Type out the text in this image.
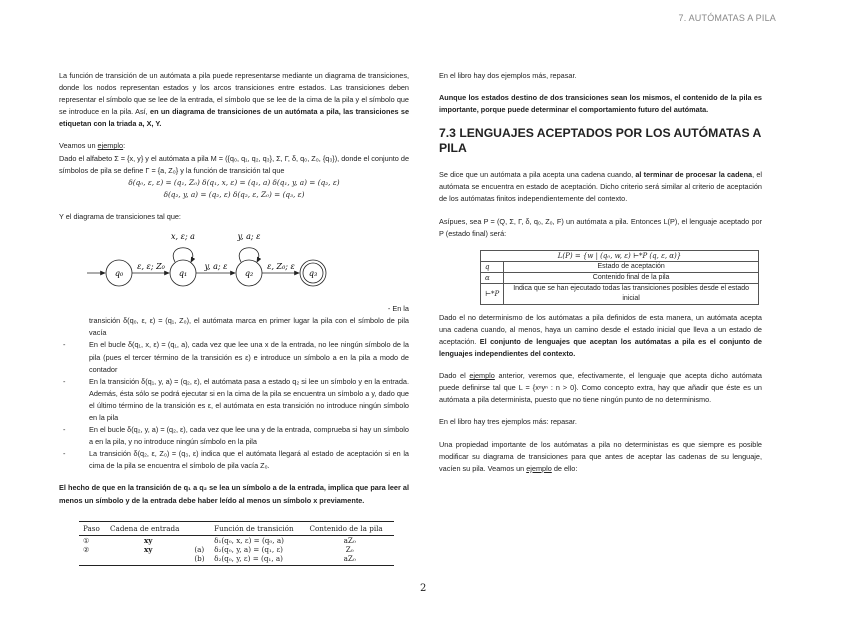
7. AUTÓMATAS A PILA

La función de transición de un autómata a pila puede representarse mediante un diagrama de transiciones, donde los nodos representan estados y los arcos transiciones entre estados. Las transiciones deben representar el símbolo que se lee de la entrada, el símbolo que se lee de la cima de la pila y el símbolo que se introduce en la pila. Así, en un diagrama de transiciones de un autómata a pila, las transiciones se etiquetan con la triada a, X, Y.

Veamos un ejemplo:
Dado el alfabeto Σ = {x, y} y el autómata a pila M = ({q₀, q₁, q₂, q₃}, Σ, Γ, δ, q₀, Z₀, {q₃}), donde el conjunto de símbolos de pila se define Γ = {a, Z₀} y la función de transición tal que
δ(q₀, ε, ε) = (q₁, Z₀) δ(q₁, x, ε) = (q₁, a) δ(q₁, y, a) = (q₂, ε)
δ(q₂, y, a) = (q₂, ε) δ(q₂, ε, Z₀) = (q₃, ε)
Y el diagrama de transiciones tal que:
q₀	q₁	q₂	q₃
x, ε; a	y, a; ε
ε, ε; Z₀	y, a; ε	ε, Z₀; ε
- En la
transición δ(q₀, ε, ε) = (q₁, Z₀), el autómata marca en primer lugar la pila con el símbolo de pila vacía
- En el bucle δ(q₁, x, ε) = (q₁, a), cada vez que lee una x de la entrada, no lee ningún símbolo de la pila (pues el tercer término de la transición es ε) e introduce un símbolo a en la pila a modo de contador
- En la transición δ(q₁, y, a) = (q₂, ε), el autómata pasa a estado q₂ si lee un símbolo y en la entrada. Además, ésta sólo se podrá ejecutar si en la cima de la pila se encuentra un símbolo a y, dado que el último término de la transición es ε, el autómata en esta transición no introduce ningún símbolo en la pila
- En el bucle δ(q₂, y, a) = (q₂, ε), cada vez que lee una y de la entrada, comprueba si hay un símbolo a en la pila, y no introduce ningún símbolo en la pila
- La transición δ(q₂, ε, Z₀) = (q₃, ε) indica que el autómata llegará al estado de aceptación si en la cima de la pila se encuentra el símbolo de pila vacía Z₀.

El hecho de que en la transición de q₁ a q₂ se lea un símbolo a de la entrada, implica que para leer al menos un símbolo y de la entrada debe haber leído al menos un símbolo x previamente.

Paso	Cadena de entrada		Función de transición	Contenido de la pila
①	xy		δ₁(q₀, x, ε) = (q₀, a)	aZ₀
②	xy	(a)	δ₂(q₀, y, a) = (q₁, ε)	Z₀
		(b)	δ₂(q₀, y, ε) = (q₁, a)	aZ₀

En el libro hay dos ejemplos más, repasar.

Aunque los estados destino de dos transiciones sean los mismos, el contenido de la pila es importante, porque puede determinar el comportamiento futuro del autómata.

7.3 LENGUAJES ACEPTADOS POR LOS AUTÓMATAS A PILA

Se dice que un autómata a pila acepta una cadena cuando, al terminar de procesar la cadena, el autómata se encuentra en estado de aceptación. Dicho criterio será similar al criterio de aceptación de los autómatas finitos independientemente del contexto.

Asípues, sea P = (Q, Σ, Γ, δ, q₀, Z₀, F) un autómata a pila. Entonces L(P), el lenguaje aceptado por P (estado final) será:

L(P) = {w | (q₀, w, ε) ⊢*P (q, ε, α)}	
q	Estado de aceptación
α	Contenido final de la pila
⊢*P	Indica que se han ejecutado todas las transiciones posibles desde el estado inicial

Dado el no determinismo de los autómatas a pila definidos de esta manera, un autómata acepta una cadena cuando, al menos, haya un camino desde el estado inicial que lleva a un estado de aceptación. El conjunto de lenguajes que aceptan los autómatas a pila es el conjunto de lenguajes independientes del contexto.

Dado el ejemplo anterior, veremos que, efectivamente, el lenguaje que acepta dicho autómata puede definirse tal que L = {xⁿyⁿ : n > 0}. Como concepto extra, hay que añadir que éste es un autómata a pila determinista, puesto que no tiene ningún punto de no determinismo.

En el libro hay tres ejemplos más: repasar.

Una propiedad importante de los autómatas a pila no deterministas es que siempre es posible modificar su diagrama de transiciones para que antes de aceptar las cadenas de su lenguaje, vacíen su pila. Veamos un ejemplo de ello:

2
